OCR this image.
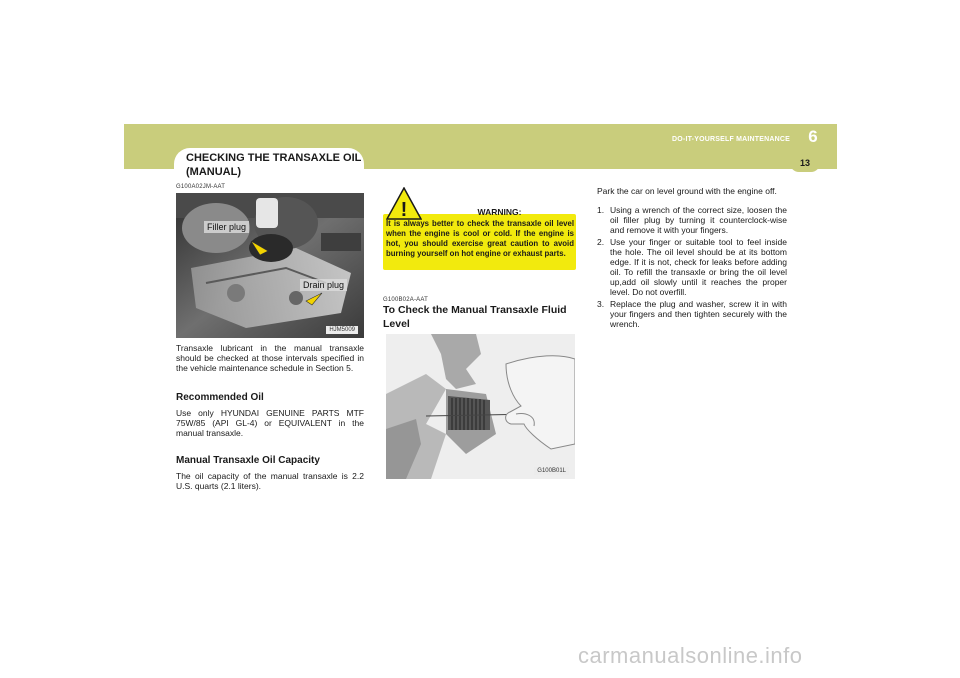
DO-IT-YOURSELF MAINTENANCE	6
13
CHECKING THE TRANSAXLE OIL (MANUAL)
G100A02JM-AAT
Filler plug
Drain plug
HJM5009
Transaxle lubricant in the manual transaxle should be checked at those intervals specified in the vehicle maintenance schedule in Section 5.
Recommended Oil
Use only HYUNDAI GENUINE PARTS MTF 75W/85 (API GL-4) or EQUIVALENT in the manual transaxle.
Manual Transaxle Oil Capacity
The oil capacity of the manual transaxle is 2.2 U.S. quarts (2.1 liters).
!	WARNING:
It is always better to check the transaxle oil level when the engine is cool or cold. If the engine is hot, you should exercise great caution to avoid burning yourself on hot engine or exhaust parts.
G100B02A-AAT
To Check the Manual Transaxle Fluid Level
G100B01L
Park the car on level ground with the engine off.
1. Using a wrench of the correct size, loosen the oil filler plug by turning it counterclock-wise and remove it with your fingers.
2. Use your finger or suitable tool to feel inside the hole. The oil level should be at its bottom edge. If it is not, check for leaks before adding oil. To refill the transaxle or bring the oil level up,add oil slowly until it reaches the proper level. Do not overfill.
3. Replace the plug and washer, screw it in with your fingers and then tighten securely with the wrench.
carmanualsonline.info
